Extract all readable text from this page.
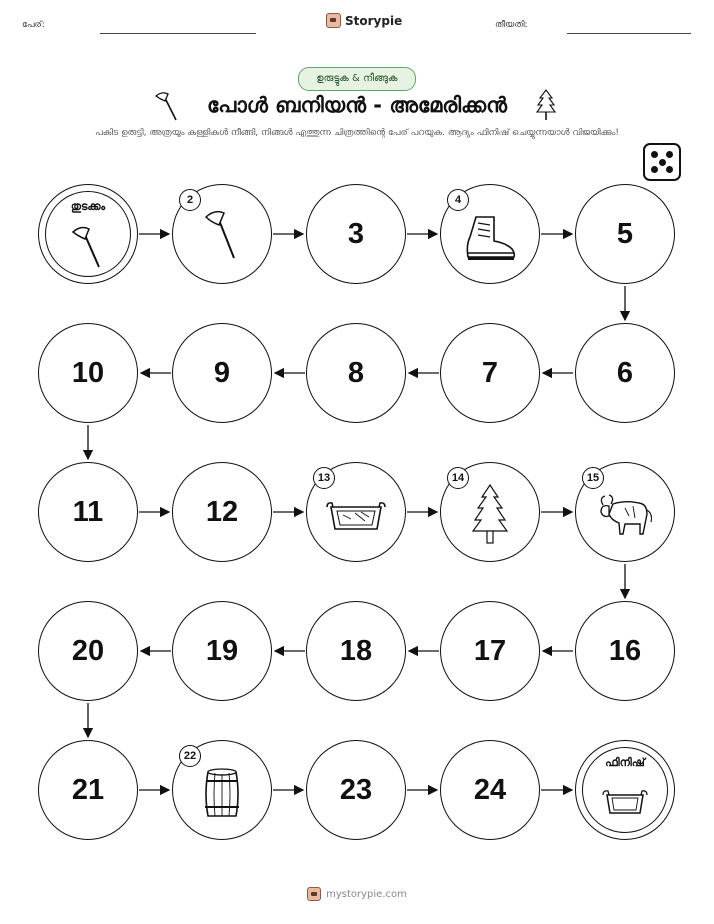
പേര്:	Storypie	തീയതി:
ഉരുട്ടുക & നീങ്ങുക
പോൾ ബനിയൻ - അമേരിക്കൻ
പകിട ഉരുട്ടി, അത്രയും കള്ളികൾ നീങ്ങി, നിങ്ങൾ എത്തുന്ന ചിത്രത്തിന്റെ പേര് പറയുക. ആദ്യം ഫിനിഷ് ചെയ്യുന്നയാൾ വിജയിക്കും!
തുടക്കം	2
3
4
5
10	9	8	7	6
11	12
13	14	15
20	19	18	17	16
21
22
23	24
ഫിനിഷ്
mystorypie.com
